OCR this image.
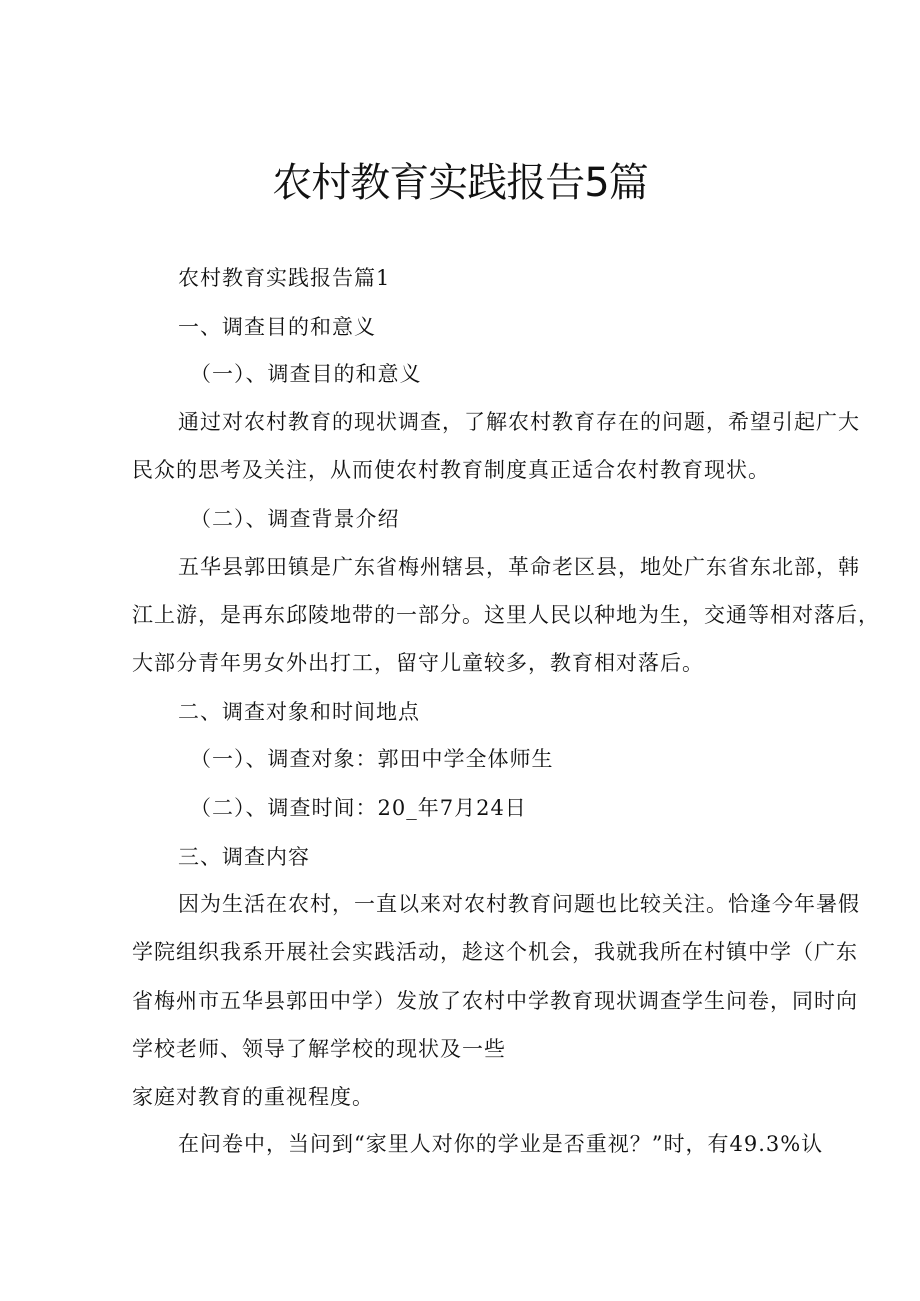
农村教育实践报告5篇

农村教育实践报告篇1

一、调查目的和意义

（一）、调查目的和意义

通过对农村教育的现状调查，了解农村教育存在的问题，希望引起广大

民众的思考及关注，从而使农村教育制度真正适合农村教育现状。

（二）、调查背景介绍

五华县郭田镇是广东省梅州辖县，革命老区县，地处广东省东北部，韩

江上游，是再东邱陵地带的一部分。这里人民以种地为生，交通等相对落后，

大部分青年男女外出打工，留守儿童较多，教育相对落后。

二、调查对象和时间地点

（一）、调查对象：郭田中学全体师生

（二）、调查时间：20_年7月24日

三、调查内容

因为生活在农村，一直以来对农村教育问题也比较关注。恰逢今年暑假

学院组织我系开展社会实践活动，趁这个机会，我就我所在村镇中学（广东

省梅州市五华县郭田中学）发放了农村中学教育现状调查学生问卷，同时向

学校老师、领导了解学校的现状及一些

家庭对教育的重视程度。

在问卷中，当问到“家里人对你的学业是否重视？”时，有49.3%认
